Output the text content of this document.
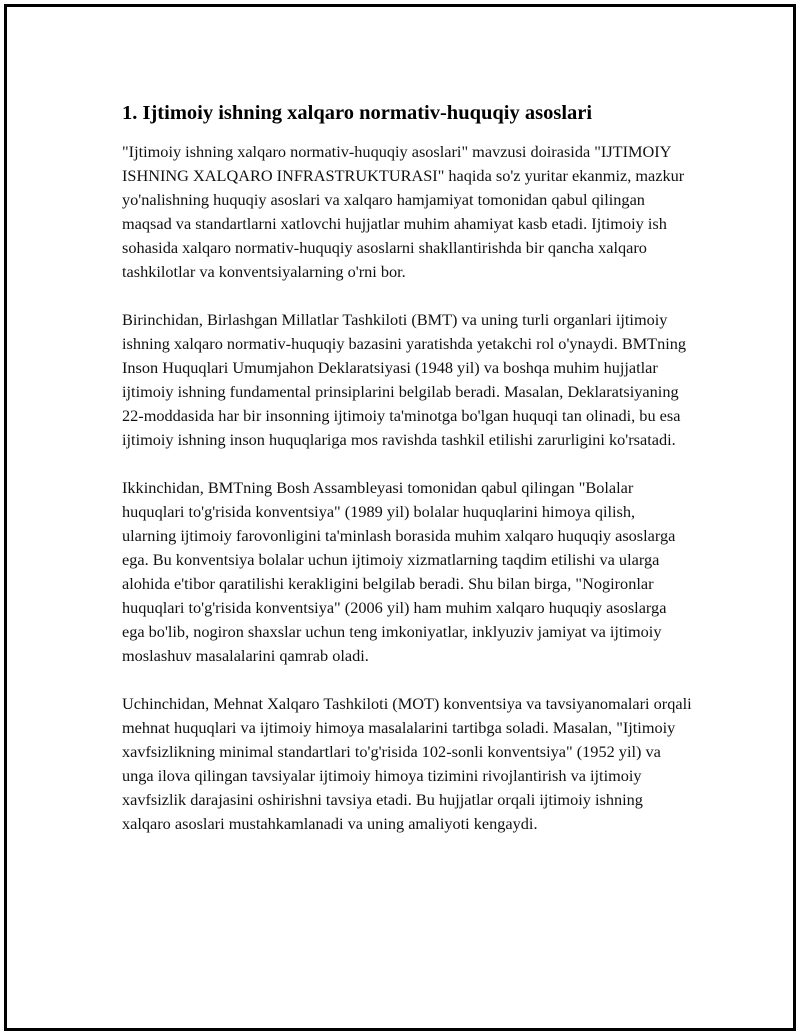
1. Ijtimoiy ishning xalqaro normativ-huquqiy asoslari

"Ijtimoiy ishning xalqaro normativ-huquqiy asoslari" mavzusi doirasida "IJTIMOIY ISHNING XALQARO INFRASTRUKTURASI" haqida so'z yuritar ekanmiz, mazkur yo'nalishning huquqiy asoslari va xalqaro hamjamiyat tomonidan qabul qilingan maqsad va standartlarni xatlovchi hujjatlar muhim ahamiyat kasb etadi. Ijtimoiy ish sohasida xalqaro normativ-huquqiy asoslarni shakllantirishda bir qancha xalqaro tashkilotlar va konventsiyalarning o'rni bor.

Birinchidan, Birlashgan Millatlar Tashkiloti (BMT) va uning turli organlari ijtimoiy ishning xalqaro normativ-huquqiy bazasini yaratishda yetakchi rol o'ynaydi. BMTning Inson Huquqlari Umumjahon Deklaratsiyasi (1948 yil) va boshqa muhim hujjatlar ijtimoiy ishning fundamental prinsiplarini belgilab beradi. Masalan, Deklaratsiyaning 22-moddasida har bir insonning ijtimoiy ta'minotga bo'lgan huquqi tan olinadi, bu esa ijtimoiy ishning inson huquqlariga mos ravishda tashkil etilishi zarurligini ko'rsatadi.

Ikkinchidan, BMTning Bosh Assambleyasi tomonidan qabul qilingan "Bolalar huquqlari to'g'risida konventsiya" (1989 yil) bolalar huquqlarini himoya qilish, ularning ijtimoiy farovonligini ta'minlash borasida muhim xalqaro huquqiy asoslarga ega. Bu konventsiya bolalar uchun ijtimoiy xizmatlarning taqdim etilishi va ularga alohida e'tibor qaratilishi kerakligini belgilab beradi. Shu bilan birga, "Nogironlar huquqlari to'g'risida konventsiya" (2006 yil) ham muhim xalqaro huquqiy asoslarga ega bo'lib, nogiron shaxslar uchun teng imkoniyatlar, inklyuziv jamiyat va ijtimoiy moslashuv masalalarini qamrab oladi.

Uchinchidan, Mehnat Xalqaro Tashkiloti (MOT) konventsiya va tavsiyanomalari orqali mehnat huquqlari va ijtimoiy himoya masalalarini tartibga soladi. Masalan, "Ijtimoiy xavfsizlikning minimal standartlari to'g'risida 102-sonli konventsiya" (1952 yil) va unga ilova qilingan tavsiyalar ijtimoiy himoya tizimini rivojlantirish va ijtimoiy xavfsizlik darajasini oshirishni tavsiya etadi. Bu hujjatlar orqali ijtimoiy ishning xalqaro asoslari mustahkamlanadi va uning amaliyoti kengaydi.
